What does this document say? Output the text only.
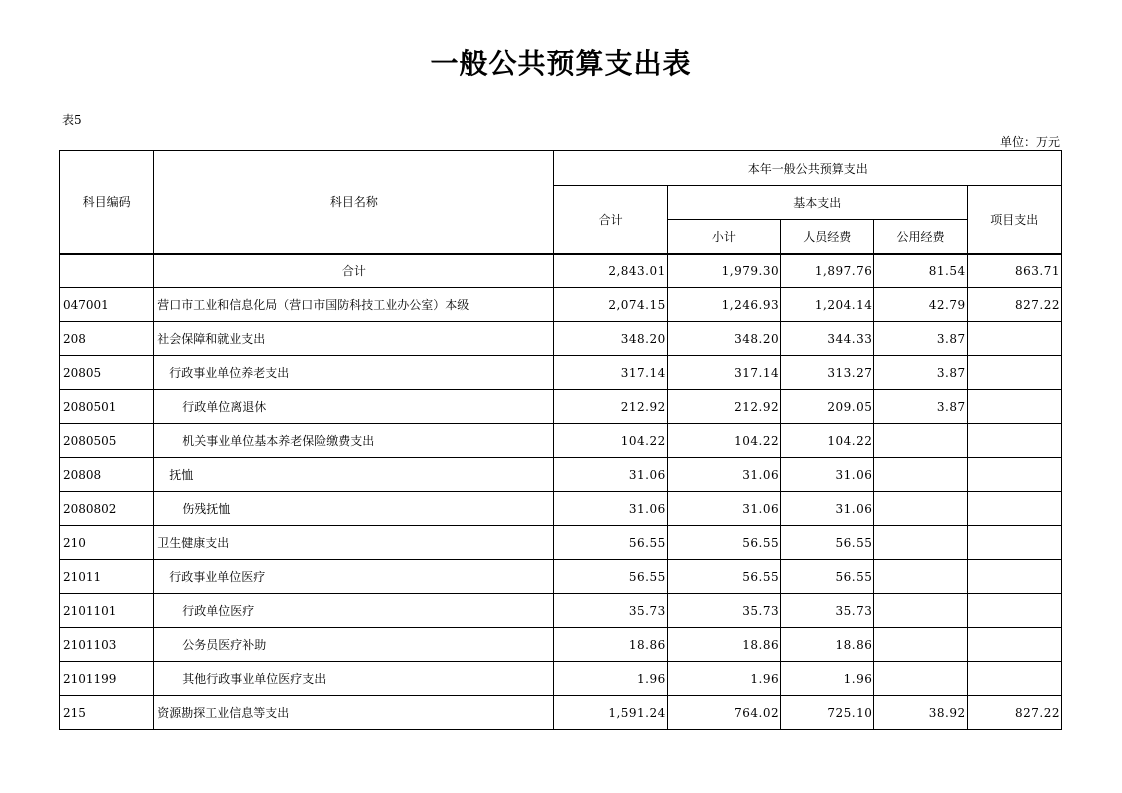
一般公共预算支出表
表5
单位：万元
科目编码	科目名称	本年一般公共预算支出				
		合计	基本支出			项目支出
			小计	人员经费	公用经费	
	合计	2,843.01	1,979.30	1,897.76	81.54	863.71
047001	营口市工业和信息化局（营口市国防科技工业办公室）本级	2,074.15	1,246.93	1,204.14	42.79	827.22
208	社会保障和就业支出	348.20	348.20	344.33	3.87	
20805	行政事业单位养老支出	317.14	317.14	313.27	3.87	
2080501	行政单位离退休	212.92	212.92	209.05	3.87	
2080505	机关事业单位基本养老保险缴费支出	104.22	104.22	104.22		
20808	抚恤	31.06	31.06	31.06		
2080802	伤残抚恤	31.06	31.06	31.06		
210	卫生健康支出	56.55	56.55	56.55		
21011	行政事业单位医疗	56.55	56.55	56.55		
2101101	行政单位医疗	35.73	35.73	35.73		
2101103	公务员医疗补助	18.86	18.86	18.86		
2101199	其他行政事业单位医疗支出	1.96	1.96	1.96		
215	资源勘探工业信息等支出	1,591.24	764.02	725.10	38.92	827.22
